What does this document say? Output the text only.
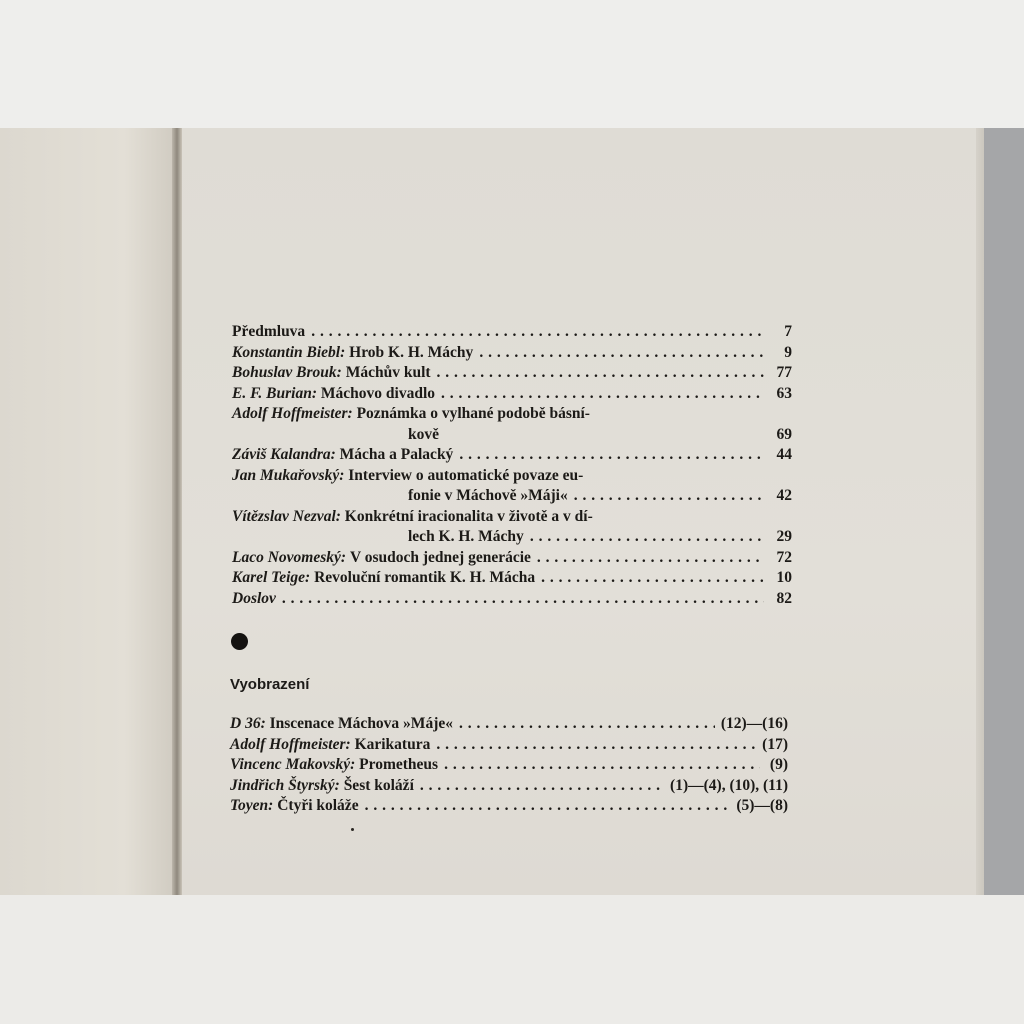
Předmluva . . .	7
Konstantin Biebl:
Hrob K. H. Máchy . . .	9
Bohuslav Brouk:
Máchův kult . . .	77
E. F. Burian:
Máchovo divadlo . . .	63
Adolf Hoffmeister:
Poznámka o vylhané podobě básní-
kově	69
Záviš Kalandra:
Mácha a Palacký . . .	44
Jan Mukařovský:
Interview o automatické povaze eu-
fonie v Máchově »Máji« . . .	42
Vítězslav Nezval:
Konkrétní iracionalita v životě a v dí-
lech K. H. Máchy . . .	29
Laco Novomeský:
V osudoch jednej generácie . . .	72
Karel Teige:
Revoluční romantik K. H. Mácha . . .	10
Doslov . . .	82
Vyobrazení
D 36:
Inscenace Máchova »Máje« . . .	(12)—(16)
Adolf Hoffmeister:
Karikatura . . .	(17)
Vincenc Makovský:
Prometheus . . .	(9)
Jindřich Štyrský:
Šest koláží . . .	(1)—(4), (10), (11)
Toyen:
Čtyři koláže . . .	(5)—(8)
